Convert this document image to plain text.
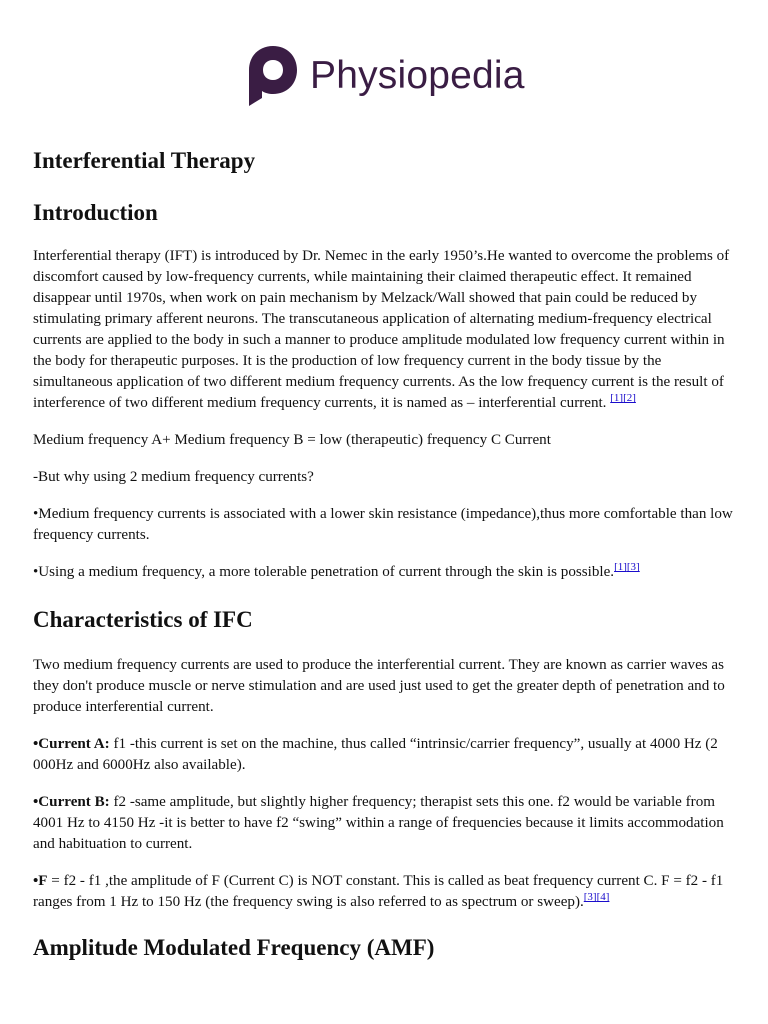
Physiopedia
Interferential Therapy
Introduction

Interferential therapy (IFT) is introduced by Dr. Nemec in the early 1950’s.He wanted to overcome the problems of discomfort caused by low-frequency currents, while maintaining their claimed therapeutic effect. It remained disappear until 1970s, when work on pain mechanism by Melzack/Wall showed that pain could be reduced by stimulating primary afferent neurons. The transcutaneous application of alternating medium-frequency electrical currents are applied to the body in such a manner to produce amplitude modulated low frequency current within in the body for therapeutic purposes. It is the production of low frequency current in the body tissue by the simultaneous application of two different medium frequency currents. As the low frequency current is the result of interference of two different medium frequency currents, it is named as – interferential current. [1][2]

Medium frequency A+ Medium frequency B = low (therapeutic) frequency C Current

-But why using 2 medium frequency currents?

•Medium frequency currents is associated with a lower skin resistance (impedance),thus more comfortable than low frequency currents.

•Using a medium frequency, a more tolerable penetration of current through the skin is possible.[1][3]

Characteristics of IFC

Two medium frequency currents are used to produce the interferential current. They are known as carrier waves as they don't produce muscle or nerve stimulation and are used just used to get the greater depth of penetration and to produce interferential current.

•Current A: f1 -this current is set on the machine, thus called “intrinsic/carrier frequency”, usually at 4000 Hz (2 000Hz and 6000Hz also available).

•Current B: f2 -same amplitude, but slightly higher frequency; therapist sets this one. f2 would be variable from 4001 Hz to 4150 Hz -it is better to have f2 “swing” within a range of frequencies because it limits accommodation and habituation to current.

•F = f2 - f1 ,the amplitude of F (Current C) is NOT constant. This is called as beat frequency current C. F = f2 - f1 ranges from 1 Hz to 150 Hz (the frequency swing is also referred to as spectrum or sweep).[3][4]

Amplitude Modulated Frequency (AMF)
